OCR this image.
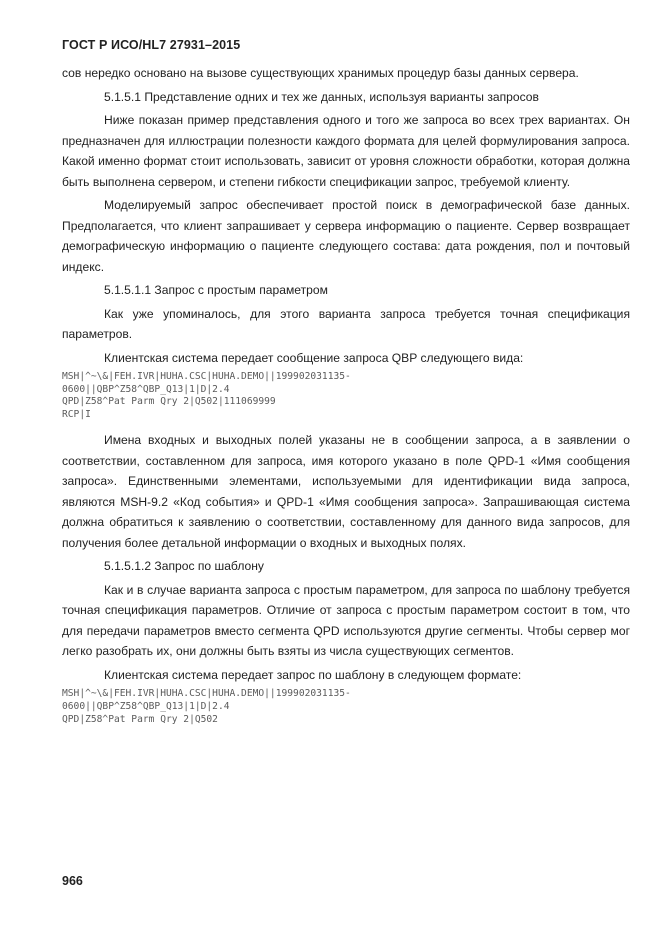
ГОСТ Р ИСО/HL7 27931–2015

сов нередко основано на вызове существующих хранимых процедур базы данных сервера.

5.1.5.1 Представление одних и тех же данных, используя варианты запросов

Ниже показан пример представления одного и того же запроса во всех трех вариантах. Он предназначен для иллюстрации полезности каждого формата для целей формулирования запроса. Какой именно формат стоит использовать, зависит от уровня сложности обработки, которая должна быть выполнена сервером, и степени гибкости спецификации запрос, требуемой клиенту.

Моделируемый запрос обеспечивает простой поиск в демографической базе данных. Предполагается, что клиент запрашивает у сервера информацию о пациенте. Сервер возвращает демографическую информацию о пациенте следующего состава: дата рождения, пол и почтовый индекс.

5.1.5.1.1 Запрос с простым параметром

Как уже упоминалось, для этого варианта запроса требуется точная спецификация параметров.

Клиентская система передает сообщение запроса QBP следующего вида:

MSH|^~\&|FEH.IVR|HUHA.CSC|HUHA.DEMO||199902031135-
0600||QBP^Z58^QBP_Q13|1|D|2.4
QPD|Z58^Pat Parm Qry 2|Q502|111069999
RCP|I

Имена входных и выходных полей указаны не в сообщении запроса, а в заявлении о соответствии, составленном для запроса, имя которого указано в поле QPD-1 «Имя сообщения запроса». Единственными элементами, используемыми для идентификации вида запроса, являются MSH-9.2 «Код события» и QPD-1 «Имя сообщения запроса». Запрашивающая система должна обратиться к заявлению о соответствии, составленному для данного вида запросов, для получения более детальной информации о входных и выходных полях.

5.1.5.1.2 Запрос по шаблону

Как и в случае варианта запроса с простым параметром, для запроса по шаблону требуется точная спецификация параметров. Отличие от запроса с простым параметром состоит в том, что для передачи параметров вместо сегмента QPD используются другие сегменты. Чтобы сервер мог легко разобрать их, они должны быть взяты из числа существующих сегментов.

Клиентская система передает запрос по шаблону в следующем формате:

MSH|^~\&|FEH.IVR|HUHA.CSC|HUHA.DEMO||199902031135-
0600||QBP^Z58^QBP_Q13|1|D|2.4
QPD|Z58^Pat Parm Qry 2|Q502
966
